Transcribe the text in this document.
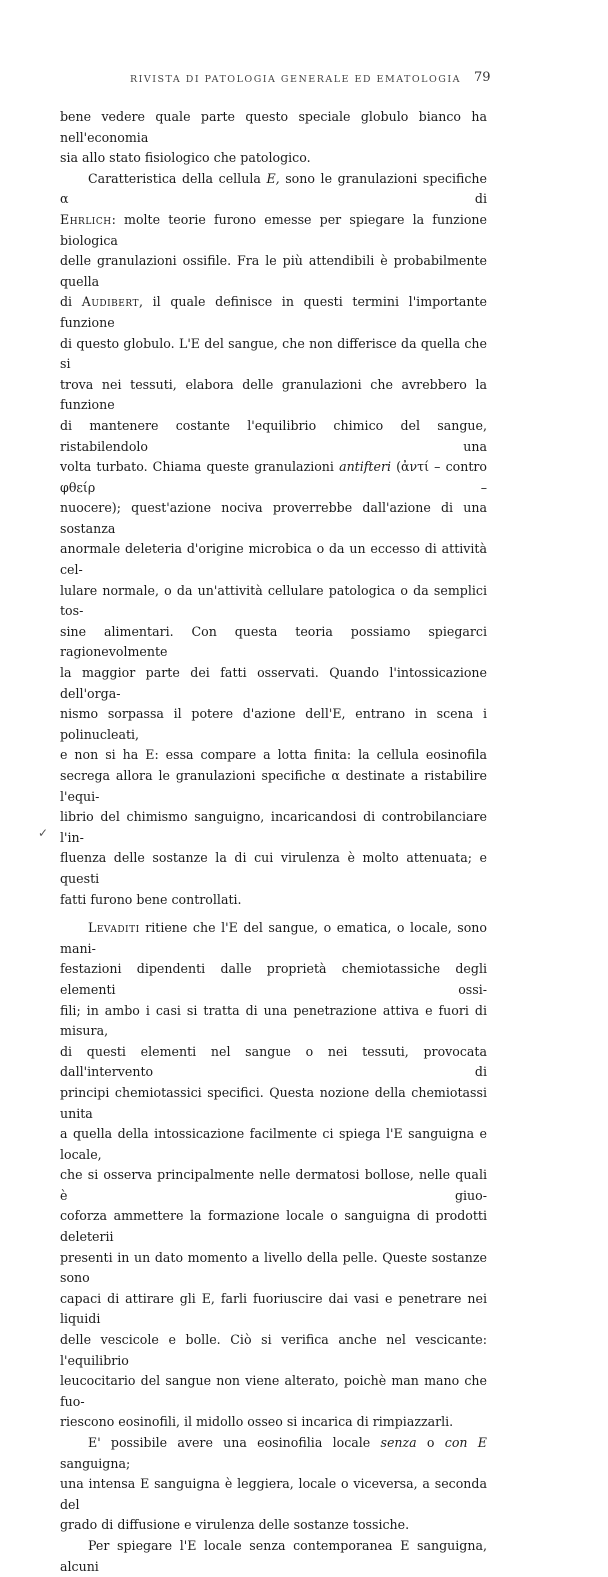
RIVISTA DI PATOLOGIA GENERALE ED EMATOLOGIA 79
✓

bene vedere quale parte questo speciale globulo bianco ha nell'economia

sia allo stato fisiologico che patologico.

Caratteristica della cellula E, sono le granulazioni specifiche α di

Ehrlich: molte teorie furono emesse per spiegare la funzione biologica

delle granulazioni ossifile. Fra le più attendibili è probabilmente quella

di Audibert, il quale definisce in questi termini l'importante funzione

di questo globulo. L'E del sangue, che non differisce da quella che si

trova nei tessuti, elabora delle granulazioni che avrebbero la funzione

di mantenere costante l'equilibrio chimico del sangue, ristabilendolo una

volta turbato. Chiama queste granulazioni antifteri (ἀντί – contro φθείρ –

nuocere); quest'azione nociva proverrebbe dall'azione di una sostanza

anormale deleteria d'origine microbica o da un eccesso di attività cel-

lulare normale, o da un'attività cellulare patologica o da semplici tos-

sine alimentari. Con questa teoria possiamo spiegarci ragionevolmente

la maggior parte dei fatti osservati. Quando l'intossicazione dell'orga-

nismo sorpassa il potere d'azione dell'E, entrano in scena i polinucleati,

e non si ha E: essa compare a lotta finita: la cellula eosinofila

secrega allora le granulazioni specifiche α destinate a ristabilire l'equi-

librio del chimismo sanguigno, incaricandosi di controbilanciare l'in-

fluenza delle sostanze la di cui virulenza è molto attenuata; e questi

fatti furono bene controllati.

Levaditi ritiene che l'E del sangue, o ematica, o locale, sono mani-

festazioni dipendenti dalle proprietà chemiotassiche degli elementi ossi-

fili; in ambo i casi si tratta di una penetrazione attiva e fuori di misura,

di questi elementi nel sangue o nei tessuti, provocata dall'intervento di

principi chemiotassici specifici. Questa nozione della chemiotassi unita

a quella della intossicazione facilmente ci spiega l'E sanguigna e locale,

che si osserva principalmente nelle dermatosi bollose, nelle quali è giuo-

coforza ammettere la formazione locale o sanguigna di prodotti deleterii

presenti in un dato momento a livello della pelle. Queste sostanze sono

capaci di attirare gli E, farli fuoriuscire dai vasi e penetrare nei liquidi

delle vescicole e bolle. Ciò si verifica anche nel vescicante: l'equilibrio

leucocitario del sangue non viene alterato, poichè man mano che fuo-

riescono eosinofili, il midollo osseo si incarica di rimpiazzarli.

E' possibile avere una eosinofilia locale senza o con E sanguigna;

una intensa E sanguigna è leggiera, locale o viceversa, a seconda del

grado di diffusione e virulenza delle sostanze tossiche.

Per spiegare l'E locale senza contemporanea E sanguigna, alcuni
